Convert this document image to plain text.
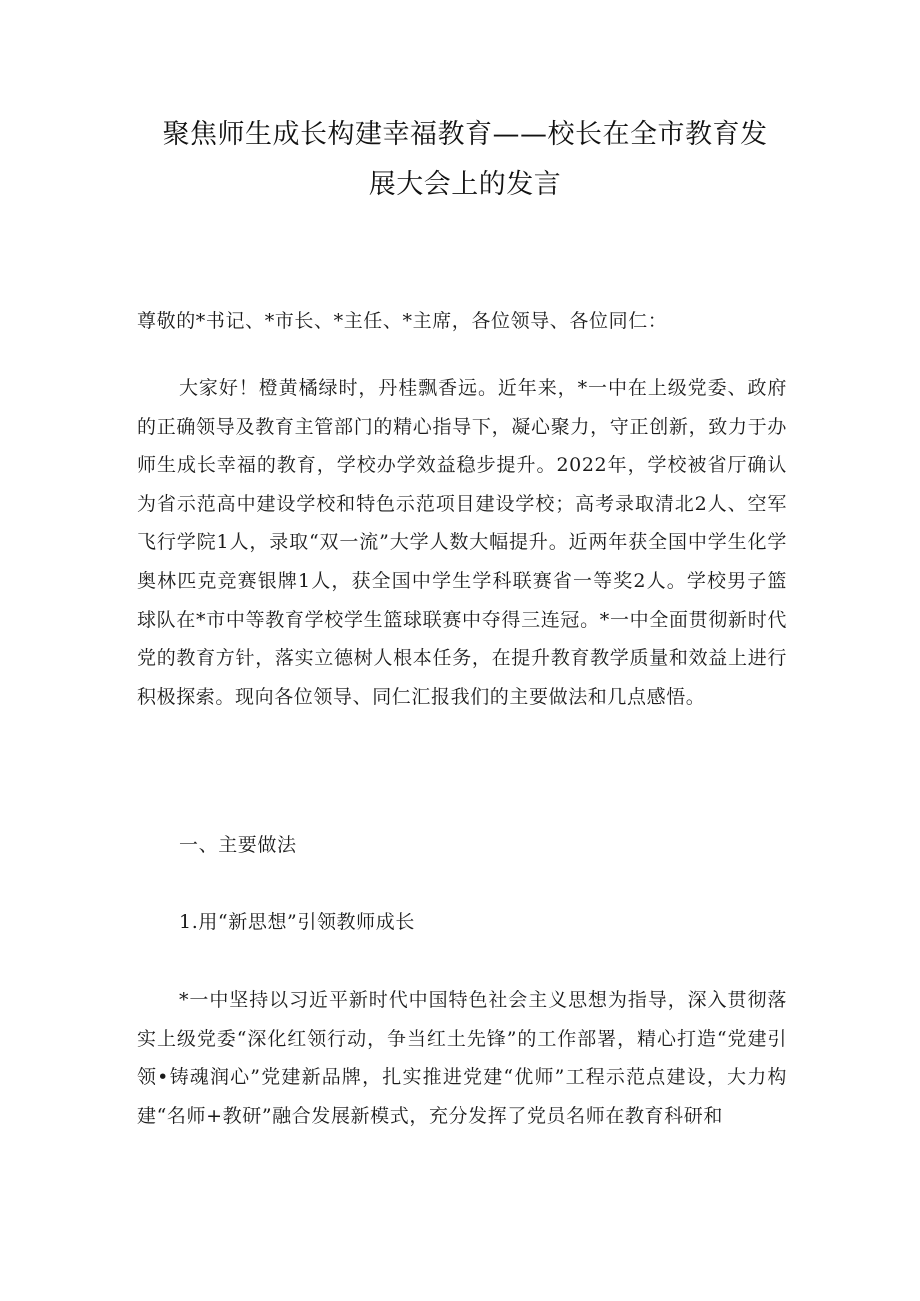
聚焦师生成长构建幸福教育——校长在全市教育发
展大会上的发言

尊敬的*书记、*市长、*主任、*主席，各位领导、各位同仁：

大家好！橙黄橘绿时，丹桂飘香远。近年来，*一中在上级党委、政府的正确领导及教育主管部门的精心指导下，凝心聚力，守正创新，致力于办师生成长幸福的教育，学校办学效益稳步提升。2022年，学校被省厅确认为省示范高中建设学校和特色示范项目建设学校；高考录取清北2人、空军飞行学院1人，录取“双一流”大学人数大幅提升。近两年获全国中学生化学奥林匹克竞赛银牌1人，获全国中学生学科联赛省一等奖2人。学校男子篮球队在*市中等教育学校学生篮球联赛中夺得三连冠。*一中全面贯彻新时代党的教育方针，落实立德树人根本任务，在提升教育教学质量和效益上进行积极探索。现向各位领导、同仁汇报我们的主要做法和几点感悟。

一、主要做法

1.用“新思想”引领教师成长

*一中坚持以习近平新时代中国特色社会主义思想为指导，深入贯彻落实上级党委“深化红领行动，争当红土先锋”的工作部署，精心打造“党建引领•铸魂润心”党建新品牌，扎实推进党建“优师”工程示范点建设，大力构建“名师+教研”融合发展新模式，充分发挥了党员名师在教育科研和
